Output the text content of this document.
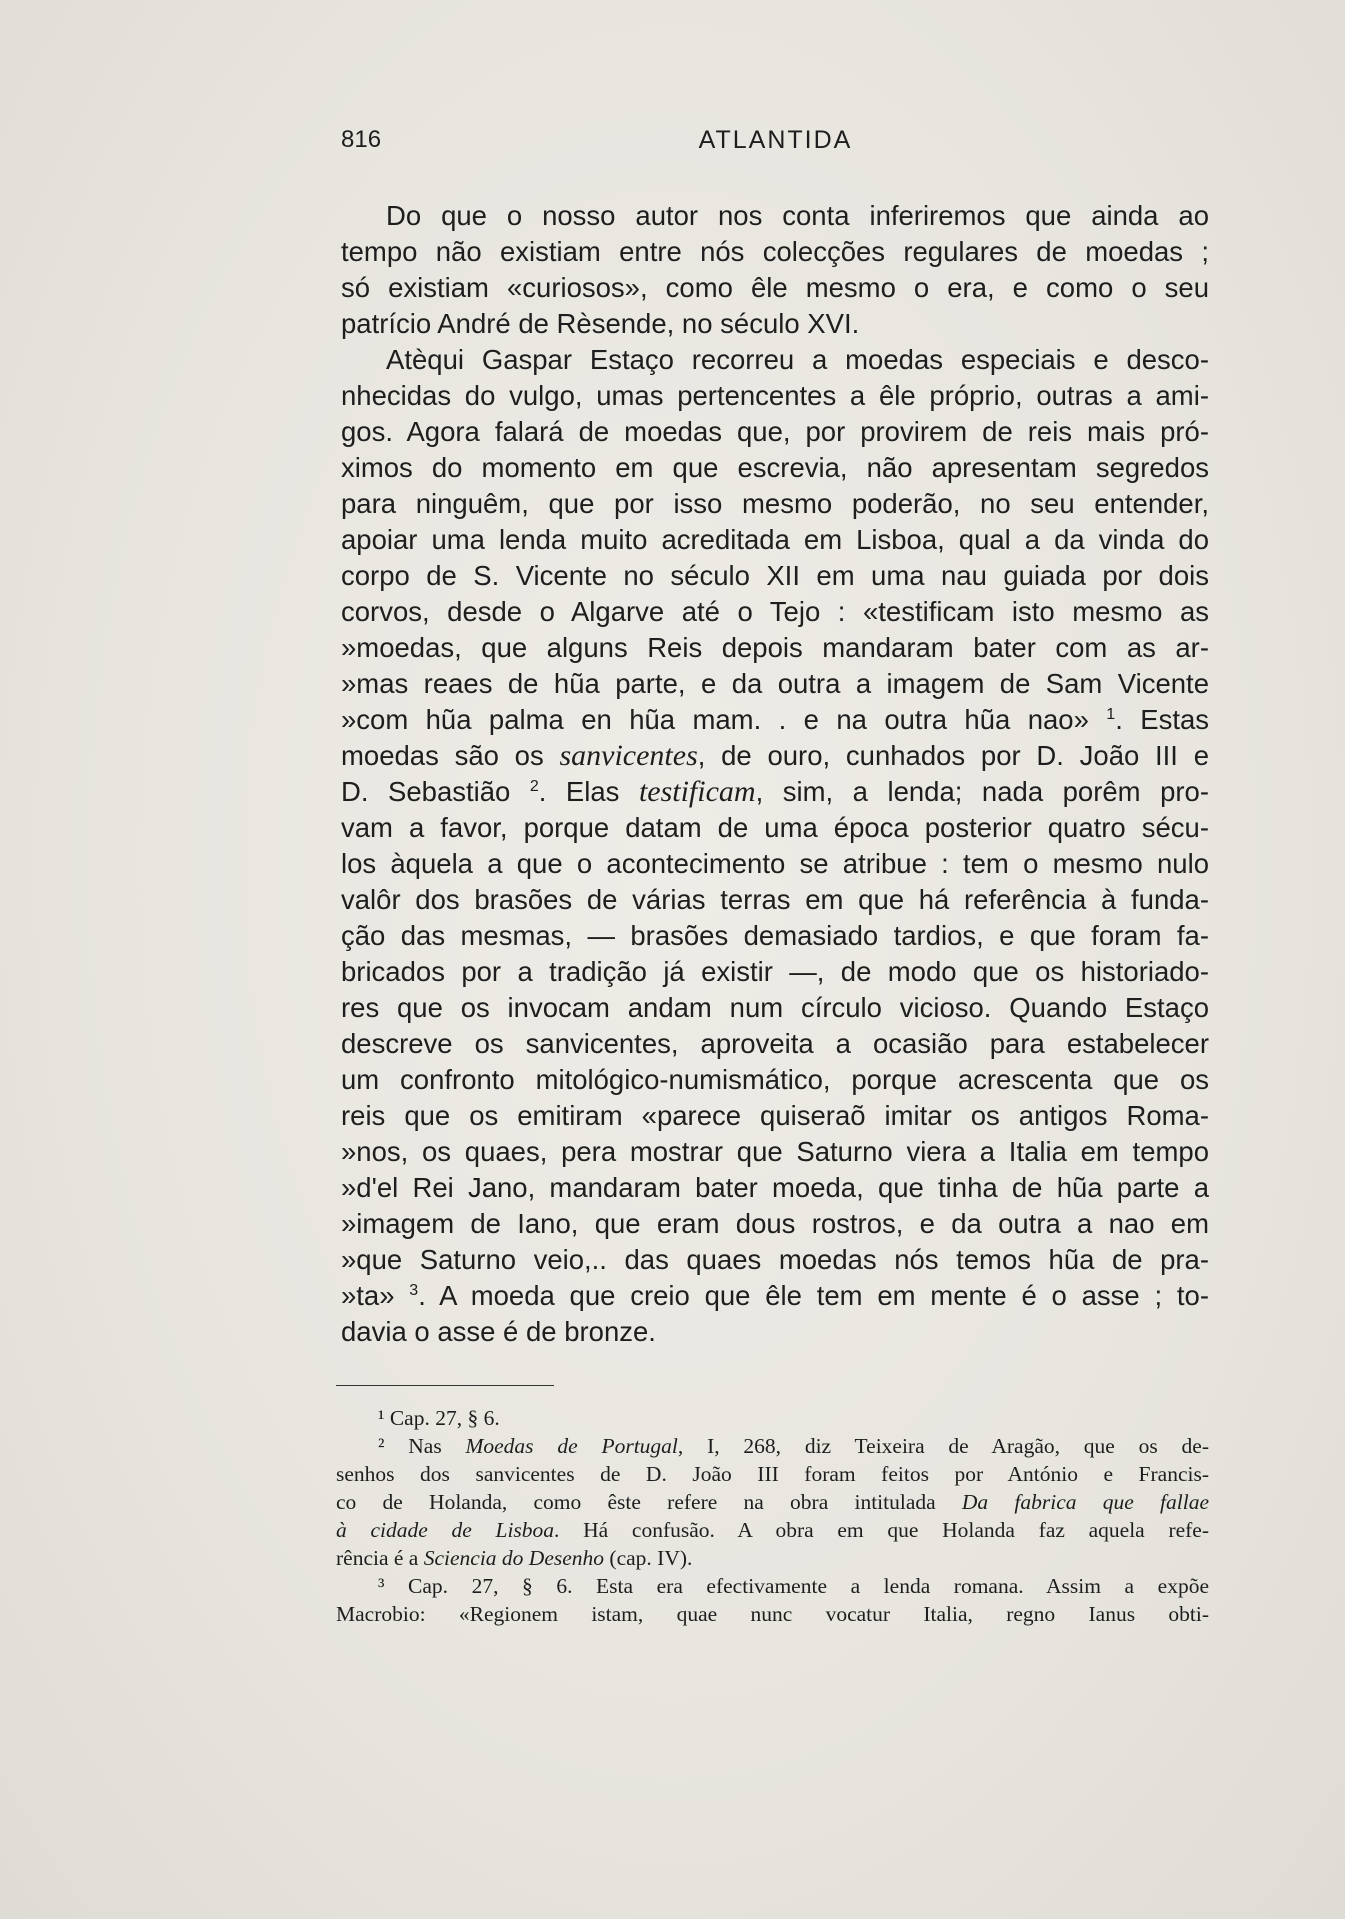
816	ATLANTIDA
Do que o nosso autor nos conta inferiremos que ainda ao
tempo não existiam entre nós colecções regulares de moedas ;
só existiam «curiosos», como êle mesmo o era, e como o seu
patrício André de Rèsende, no século XVI.
Atèqui Gaspar Estaço recorreu a moedas especiais e desco-
nhecidas do vulgo, umas pertencentes a êle próprio, outras a ami-
gos. Agora falará de moedas que, por provirem de reis mais pró-
ximos do momento em que escrevia, não apresentam segredos
para ninguêm, que por isso mesmo poderão, no seu entender,
apoiar uma lenda muito acreditada em Lisboa, qual a da vinda do
corpo de S. Vicente no século XII em uma nau guiada por dois
corvos, desde o Algarve até o Tejo : «testificam isto mesmo as
»moedas, que alguns Reis depois mandaram bater com as ar-
»mas reaes de hũa parte, e da outra a imagem de Sam Vicente
»com hũa palma en hũa mam. . e na outra hũa nao» $^1$. Estas
moedas são os sanvicentes, de ouro, cunhados por D. João III e
D. Sebastião $^2$. Elas testificam, sim, a lenda; nada porêm pro-
vam a favor, porque datam de uma época posterior quatro sécu-
los àquela a que o acontecimento se atribue : tem o mesmo nulo
valôr dos brasões de várias terras em que há referência à funda-
ção das mesmas, — brasões demasiado tardios, e que foram fa-
bricados por a tradição já existir —, de modo que os historiado-
res que os invocam andam num círculo vicioso. Quando Estaço
descreve os sanvicentes, aproveita a ocasião para estabelecer
um confronto mitológico-numismático, porque acrescenta que os
reis que os emitiram «parece quiseraõ imitar os antigos Roma-
»nos, os quaes, pera mostrar que Saturno viera a Italia em tempo
»d'el Rei Jano, mandaram bater moeda, que tinha de hũa parte a
»imagem de Iano, que eram dous rostros, e da outra a nao em
»que Saturno veio,.. das quaes moedas nós temos hũa de pra-
»ta» $^3$. A moeda que creio que êle tem em mente é o asse ; to-
davia o asse é de bronze.
¹ Cap. 27, § 6.
² Nas Moedas de Portugal, I, 268, diz Teixeira de Aragão, que os de-
senhos dos sanvicentes de D. João III foram feitos por António e Francis-
co de Holanda, como êste refere na obra intitulada Da fabrica que fallae
à cidade de Lisboa. Há confusão. A obra em que Holanda faz aquela refe-
rência é a Sciencia do Desenho (cap. IV).
³ Cap. 27, § 6. Esta era efectivamente a lenda romana. Assim a expõe
Macrobio: «Regionem istam, quae nunc vocatur Italia, regno Ianus obti-
